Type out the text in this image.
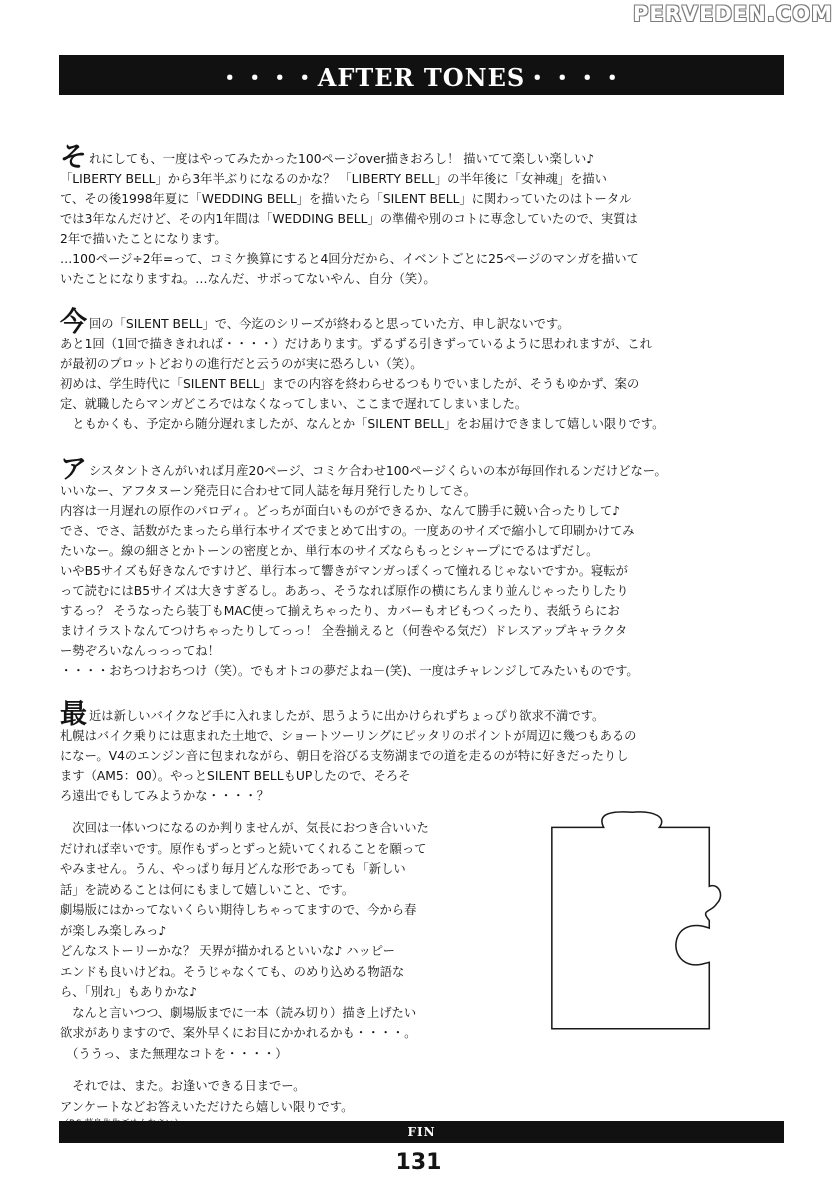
PERVEDEN.COM
・・・・AFTER TONES・・・・
それにしても、一度はやってみたかった100ページover描きおろし！ 描いてて楽しい楽しい♪
「LIBERTY BELL」から3年半ぶりになるのかな？ 「LIBERTY BELL」の半年後に「女神魂」を描い
て、その後1998年夏に「WEDDING BELL」を描いたら「SILENT BELL」に関わっていたのはトータル
では3年なんだけど、その内1年間は「WEDDING BELL」の準備や別のコトに専念していたので、実質は
2年で描いたことになります。
…100ページ÷2年=って、コミケ換算にすると4回分だから、イベントごとに25ページのマンガを描いて
いたことになりますね。…なんだ、サボってないやん、自分（笑）。
今回の「SILENT BELL」で、今迄のシリーズが終わると思っていた方、申し訳ないです。
あと1回（1回で描ききれれば・・・・）だけあります。ずるずる引きずっているように思われますが、これ
が最初のプロットどおりの進行だと云うのが実に恐ろしい（笑）。
初めは、学生時代に「SILENT BELL」までの内容を終わらせるつもりでいましたが、そうもゆかず、案の
定、就職したらマンガどころではなくなってしまい、ここまで遅れてしまいました。
　ともかくも、予定から随分遅れましたが、なんとか「SILENT BELL」をお届けできまして嬉しい限りです。
アシスタントさんがいれば月産20ページ、コミケ合わせ100ページくらいの本が毎回作れるンだけどなー。
いいなー、アフタヌーン発売日に合わせて同人誌を毎月発行したりしてさ。
内容は一月遅れの原作のパロディ。どっちが面白いものができるか、なんて勝手に競い合ったりして♪
でさ、でさ、話数がたまったら単行本サイズでまとめて出すの。一度あのサイズで縮小して印刷かけてみ
たいなー。線の細さとかトーンの密度とか、単行本のサイズならもっとシャープにでるはずだし。
いやB5サイズも好きなんですけど、単行本って響きがマンガっぽくって憧れるじゃないですか。寝転が
って読むにはB5サイズは大きすぎるし。ああっ、そうなれば原作の横にちんまり並んじゃったりしたり
するっ？ そうなったら装丁もMAC使って揃えちゃったり、カバーもオビもつくったり、表紙うらにお
まけイラストなんてつけちゃったりしてっっ！ 全巻揃えると（何巻やる気だ）ドレスアップキャラクタ
ー勢ぞろいなんっっってね！
・・・・おちつけおちつけ（笑）。でもオトコの夢だよね－(笑)、一度はチャレンジしてみたいものです。
最近は新しいバイクなど手に入れましたが、思うように出かけられずちょっぴり欲求不満です。
札幌はバイク乗りには恵まれた土地で、ショートツーリングにピッタリのポイントが周辺に幾つもあるの
になー。V4のエンジン音に包まれながら、朝日を浴びる支笏湖までの道を走るのが特に好きだったりし
ます（AM5：00）。やっとSILENT BELLもUPしたので、そろそ
ろ遠出でもしてみようかな・・・・？
　次回は一体いつになるのか判りませんが、気長におつき合いいた
だければ幸いです。原作もずっとずっと続いてくれることを願って
やみません。うん、やっぱり毎月どんな形であっても「新しい
話」を読めることは何にもまして嬉しいこと、です。
劇場版にはかってないくらい期待しちゃってますので、今から春
が楽しみ楽しみっ♪
どんなストーリーかな？ 天界が描かれるといいな♪ ハッピー
エンドも良いけどね。そうじゃなくても、のめり込める物語な
ら、「別れ」もありかな♪
　なんと言いつつ、劇場版までに一本（読み切り）描き上げたい
欲求がありますので、案外早くにお目にかかれるかも・・・・。
　（ううっ、また無理なコトを・・・・）
　それでは、また。お逢いできる日までー。
アンケートなどお答えいただけたら嬉しい限りです。
FIN
131
